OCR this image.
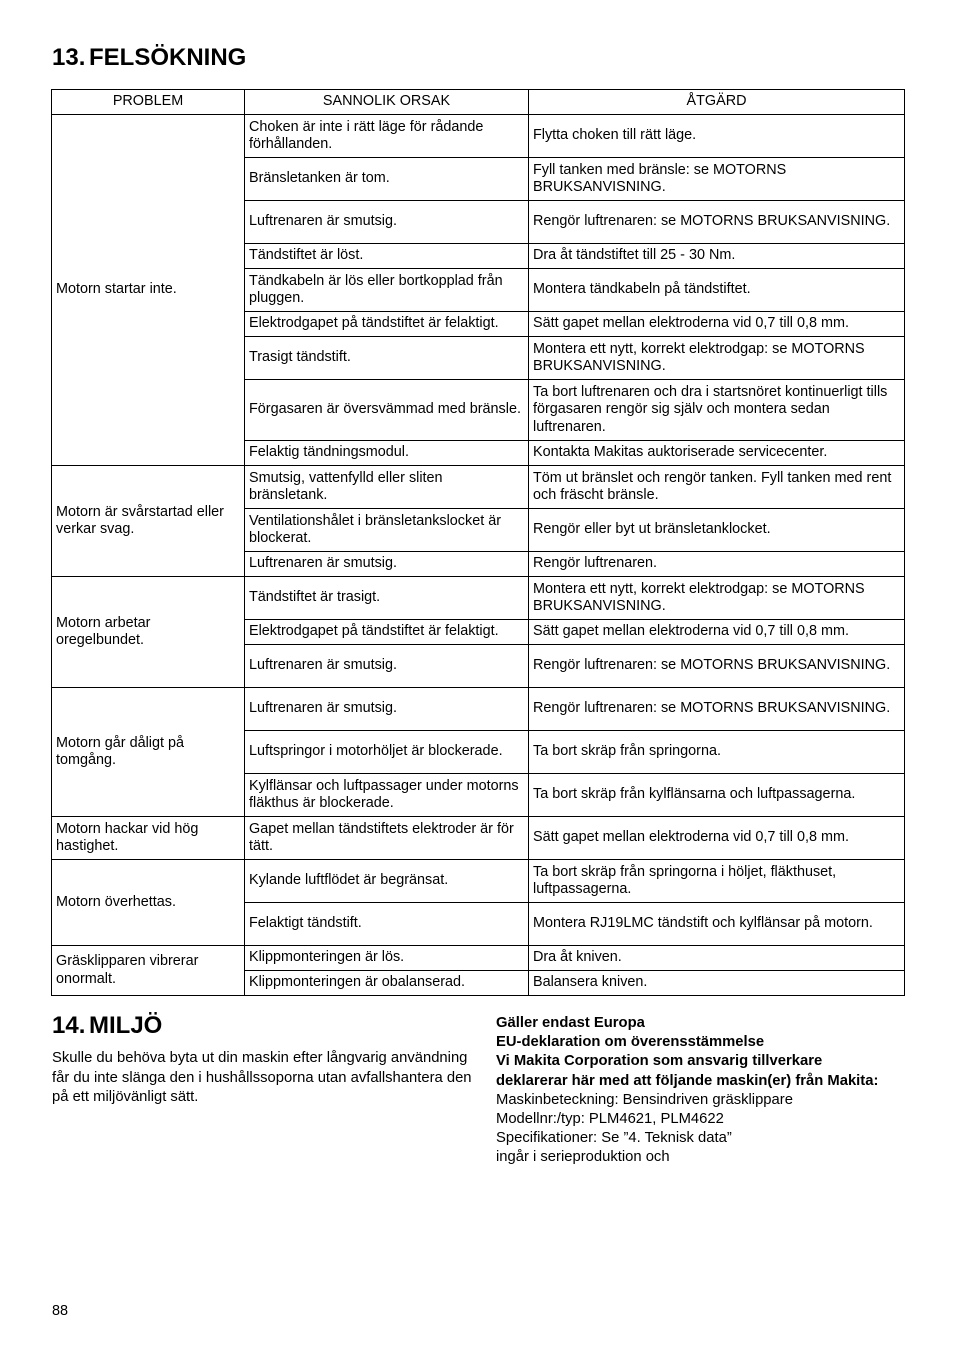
13. FELSÖKNING
PROBLEM	SANNOLIK ORSAK	ÅTGÄRD
Motorn startar inte.	Choken är inte i rätt läge för rådande förhållanden.	Flytta choken till rätt läge.
	Bränsletanken är tom.	Fyll tanken med bränsle: se MOTORNS BRUKSANVISNING.
	Luftrenaren är smutsig.	Rengör luftrenaren: se MOTORNS BRUKSANVISNING.
	Tändstiftet är löst.	Dra åt tändstiftet till 25 - 30 Nm.
	Tändkabeln är lös eller bortkopplad från pluggen.	Montera tändkabeln på tändstiftet.
	Elektrodgapet på tändstiftet är felaktigt.	Sätt gapet mellan elektroderna vid 0,7 till 0,8 mm.
	Trasigt tändstift.	Montera ett nytt, korrekt elektrodgap: se MOTORNS BRUKSANVISNING.
	Förgasaren är översvämmad med bränsle.	Ta bort luftrenaren och dra i startsnöret kontinuerligt tills förgasaren rengör sig själv och montera sedan luftrenaren.
	Felaktig tändningsmodul.	Kontakta Makitas auktoriserade servicecenter.
Motorn är svårstartad eller verkar svag.	Smutsig, vattenfylld eller sliten bränsletank.	Töm ut bränslet och rengör tanken. Fyll tanken med rent och fräscht bränsle.
	Ventilationshålet i bränsletankslocket är blockerat.	Rengör eller byt ut bränsletanklocket.
	Luftrenaren är smutsig.	Rengör luftrenaren.
Motorn arbetar oregelbundet.	Tändstiftet är trasigt.	Montera ett nytt, korrekt elektrodgap: se MOTORNS BRUKSANVISNING.
	Elektrodgapet på tändstiftet är felaktigt.	Sätt gapet mellan elektroderna vid 0,7 till 0,8 mm.
	Luftrenaren är smutsig.	Rengör luftrenaren: se MOTORNS BRUKSANVISNING.
Motorn går dåligt på tomgång.	Luftrenaren är smutsig.	Rengör luftrenaren: se MOTORNS BRUKSANVISNING.
	Luftspringor i motorhöljet är blockerade.	Ta bort skräp från springorna.
	Kylflänsar och luftpassager under motorns fläkthus är blockerade.	Ta bort skräp från kylflänsarna och luftpassagerna.
Motorn hackar vid hög hastighet.	Gapet mellan tändstiftets elektroder är för tätt.	Sätt gapet mellan elektroderna vid 0,7 till 0,8 mm.
Motorn överhettas.	Kylande luftflödet är begränsat.	Ta bort skräp från springorna i höljet, fläkthuset, luftpassagerna.
	Felaktigt tändstift.	Montera RJ19LMC tändstift och kylflänsar på motorn.
Gräsklipparen vibrerar onormalt.	Klippmonteringen är lös.	Dra åt kniven.
	Klippmonteringen är obalanserad.	Balansera kniven.
14. MILJÖ

Skulle du behöva byta ut din maskin efter långvarig användning får du inte slänga den i hushållssoporna utan avfallshantera den på ett miljövänligt sätt.

Gäller endast Europa
EU-deklaration om överensstämmelse
Vi Makita Corporation som ansvarig tillverkare deklarerar här med att följande maskin(er) från Makita:
Maskinbeteckning: Bensindriven gräsklippare
Modellnr:/typ: PLM4621, PLM4622
Specifikationer: Se ”4. Teknisk data”
ingår i serieproduktion och
88
